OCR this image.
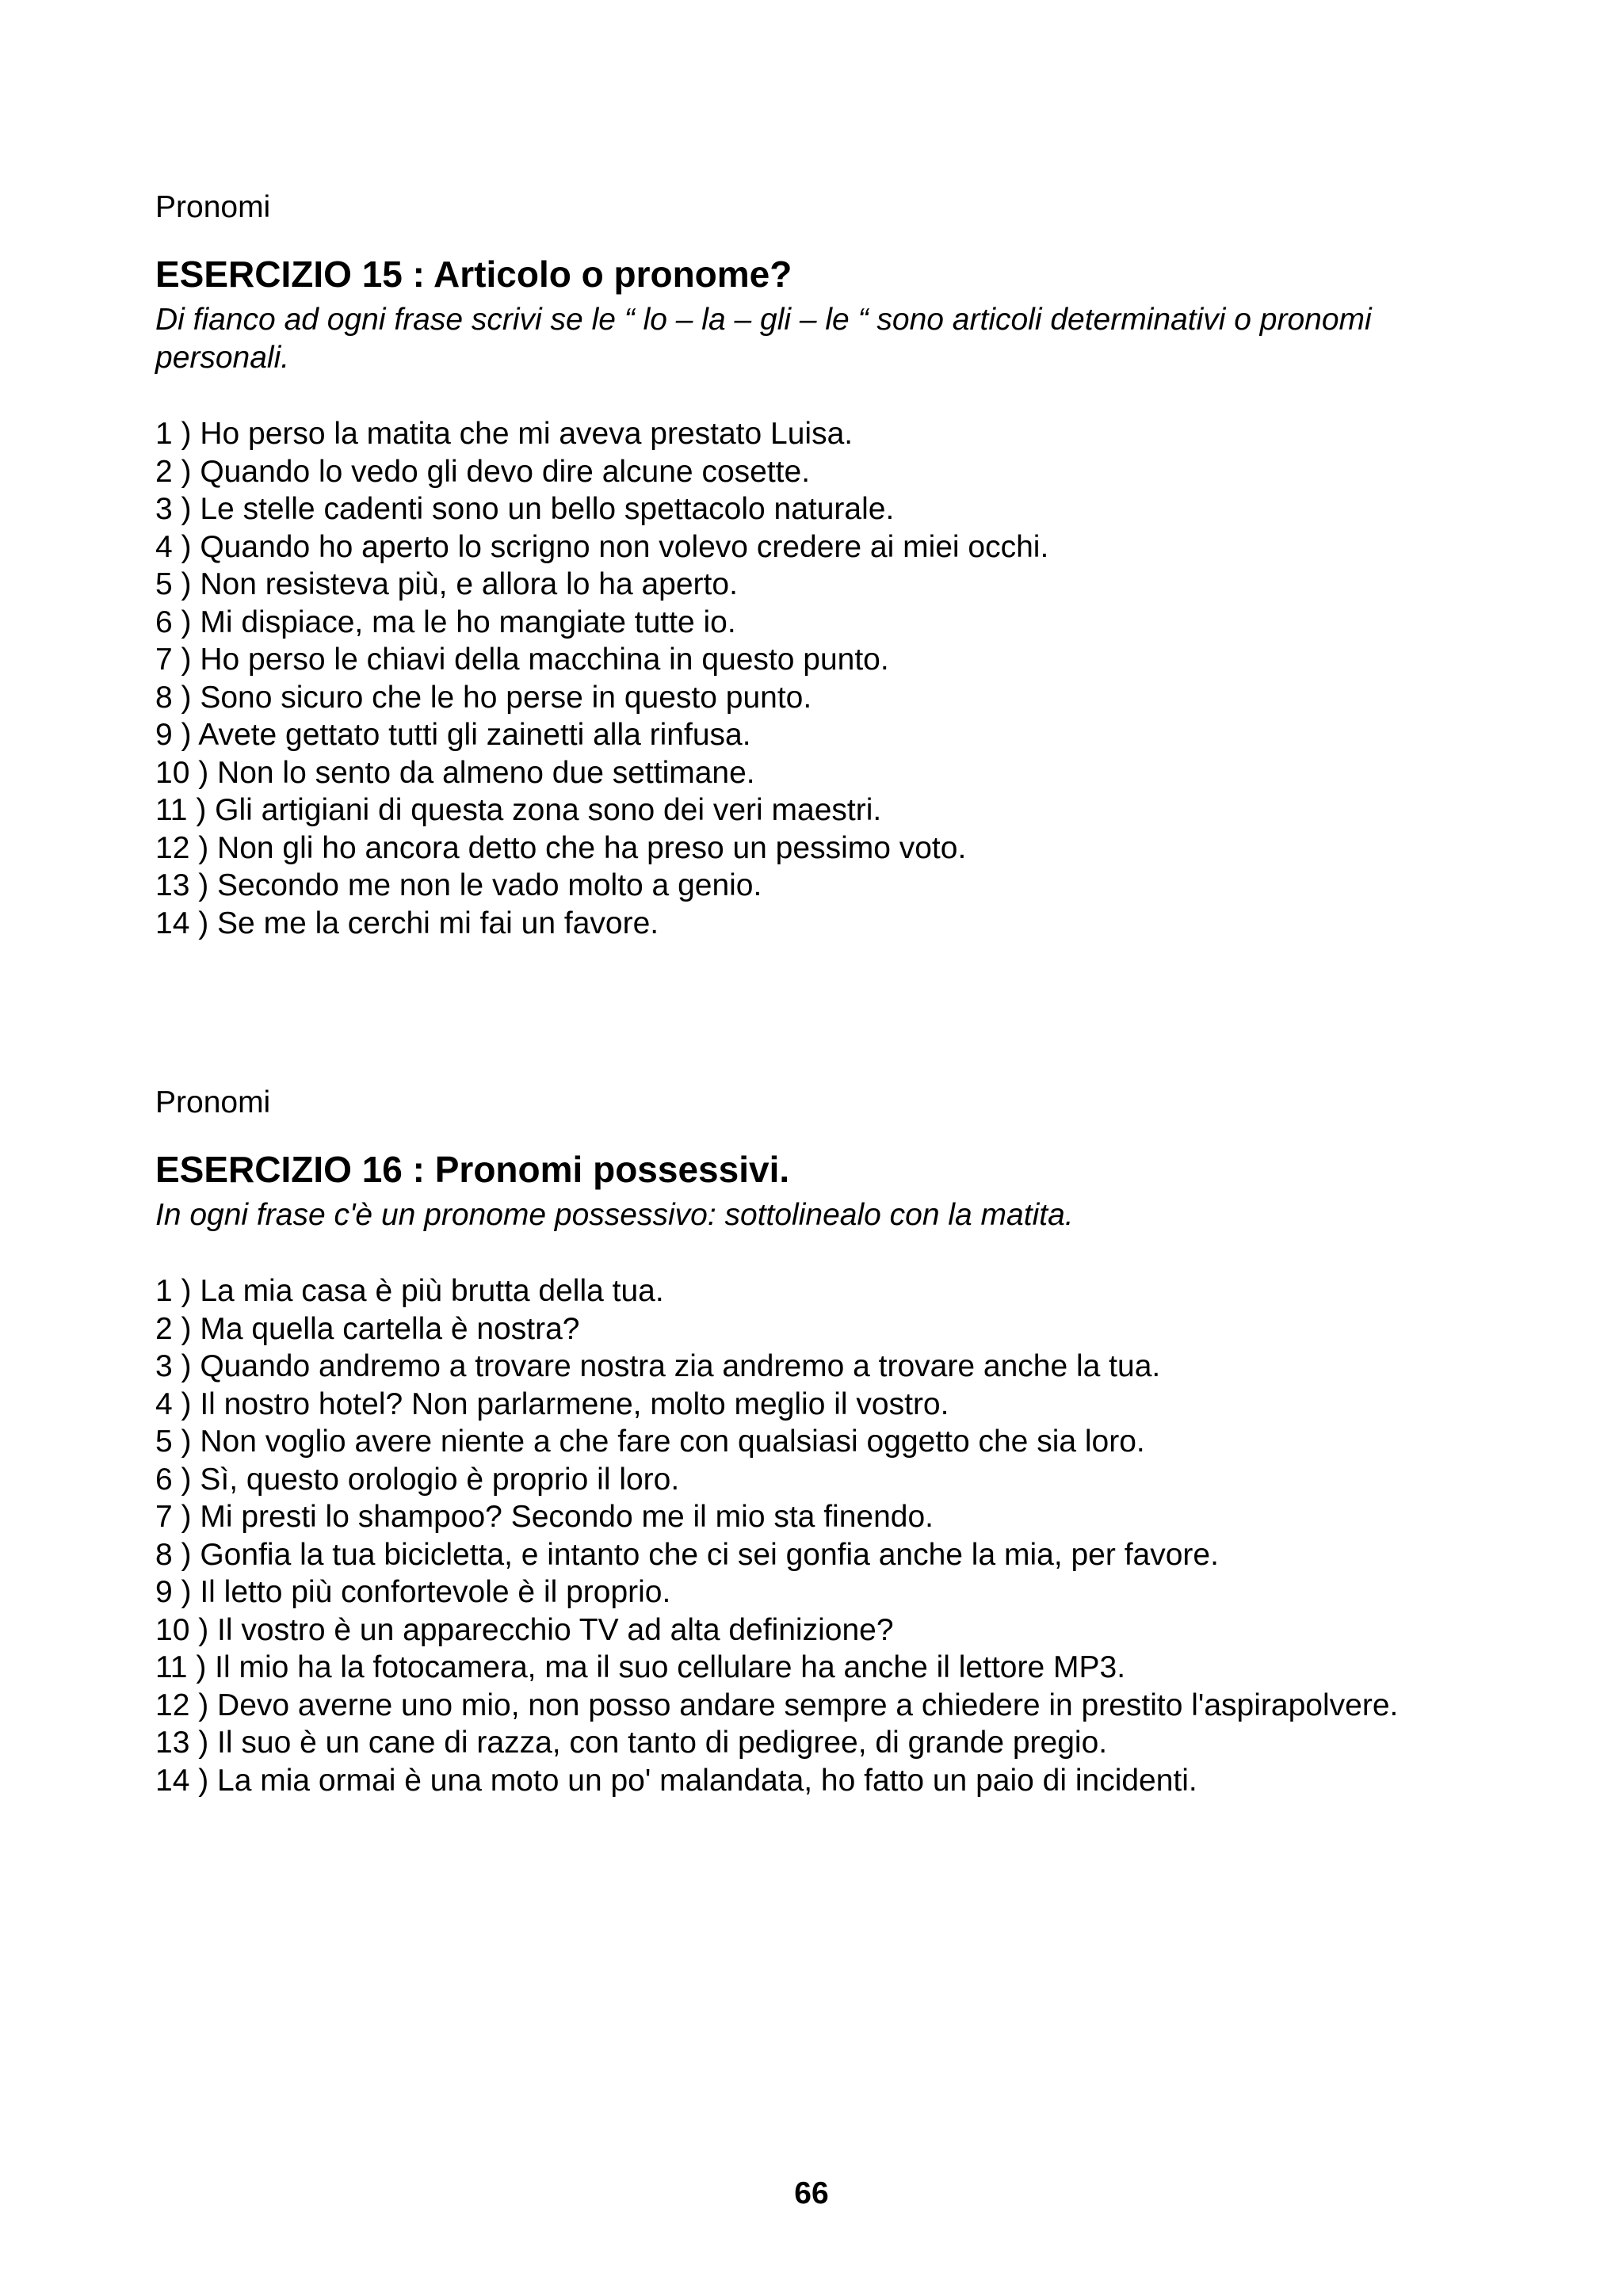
Pronomi

ESERCIZIO 15 : Articolo o pronome?

Di fianco ad ogni frase scrivi se le “ lo – la – gli – le “ sono articoli determinativi o pronomi personali.

1 ) Ho perso la matita che mi aveva prestato Luisa.
2 ) Quando lo vedo gli devo dire alcune cosette.
3 ) Le stelle cadenti sono un bello spettacolo naturale.
4 ) Quando ho aperto lo scrigno non volevo credere ai miei occhi.
5 ) Non resisteva più, e allora lo ha aperto.
6 ) Mi dispiace, ma le ho mangiate tutte io.
7 ) Ho perso le chiavi della macchina in questo punto.
8 ) Sono sicuro che le ho perse in questo punto.
9 ) Avete gettato tutti gli zainetti alla rinfusa.
10 ) Non lo sento da almeno due settimane.
11 ) Gli artigiani di questa zona sono dei veri maestri.
12 ) Non gli ho ancora detto che ha preso un pessimo voto.
13 ) Secondo me non le vado molto a genio.
14 ) Se me la cerchi mi fai un favore.

Pronomi

ESERCIZIO 16 : Pronomi possessivi.

In ogni frase c'è un pronome possessivo: sottolinealo con la matita.

1 ) La mia casa è più brutta della tua.
2 ) Ma quella cartella è nostra?
3 ) Quando andremo a trovare nostra zia andremo a trovare anche la tua.
4 ) Il nostro hotel? Non parlarmene, molto meglio il vostro.
5 ) Non voglio avere niente a che fare con qualsiasi oggetto che sia loro.
6 ) Sì, questo orologio è proprio il loro.
7 ) Mi presti lo shampoo? Secondo me il mio sta finendo.
8 ) Gonfia la tua bicicletta, e intanto che ci sei gonfia anche la mia, per favore.
9 ) Il letto più confortevole è il proprio.
10 ) Il vostro è un apparecchio TV ad alta definizione?
11 ) Il mio ha la fotocamera, ma il suo cellulare ha anche il lettore MP3.
12 ) Devo averne uno mio, non posso andare sempre a chiedere in prestito l'aspirapolvere.
13 ) Il suo è un cane di razza, con tanto di pedigree, di grande pregio.
14 ) La mia ormai è una moto un po' malandata, ho fatto un paio di incidenti.
66
